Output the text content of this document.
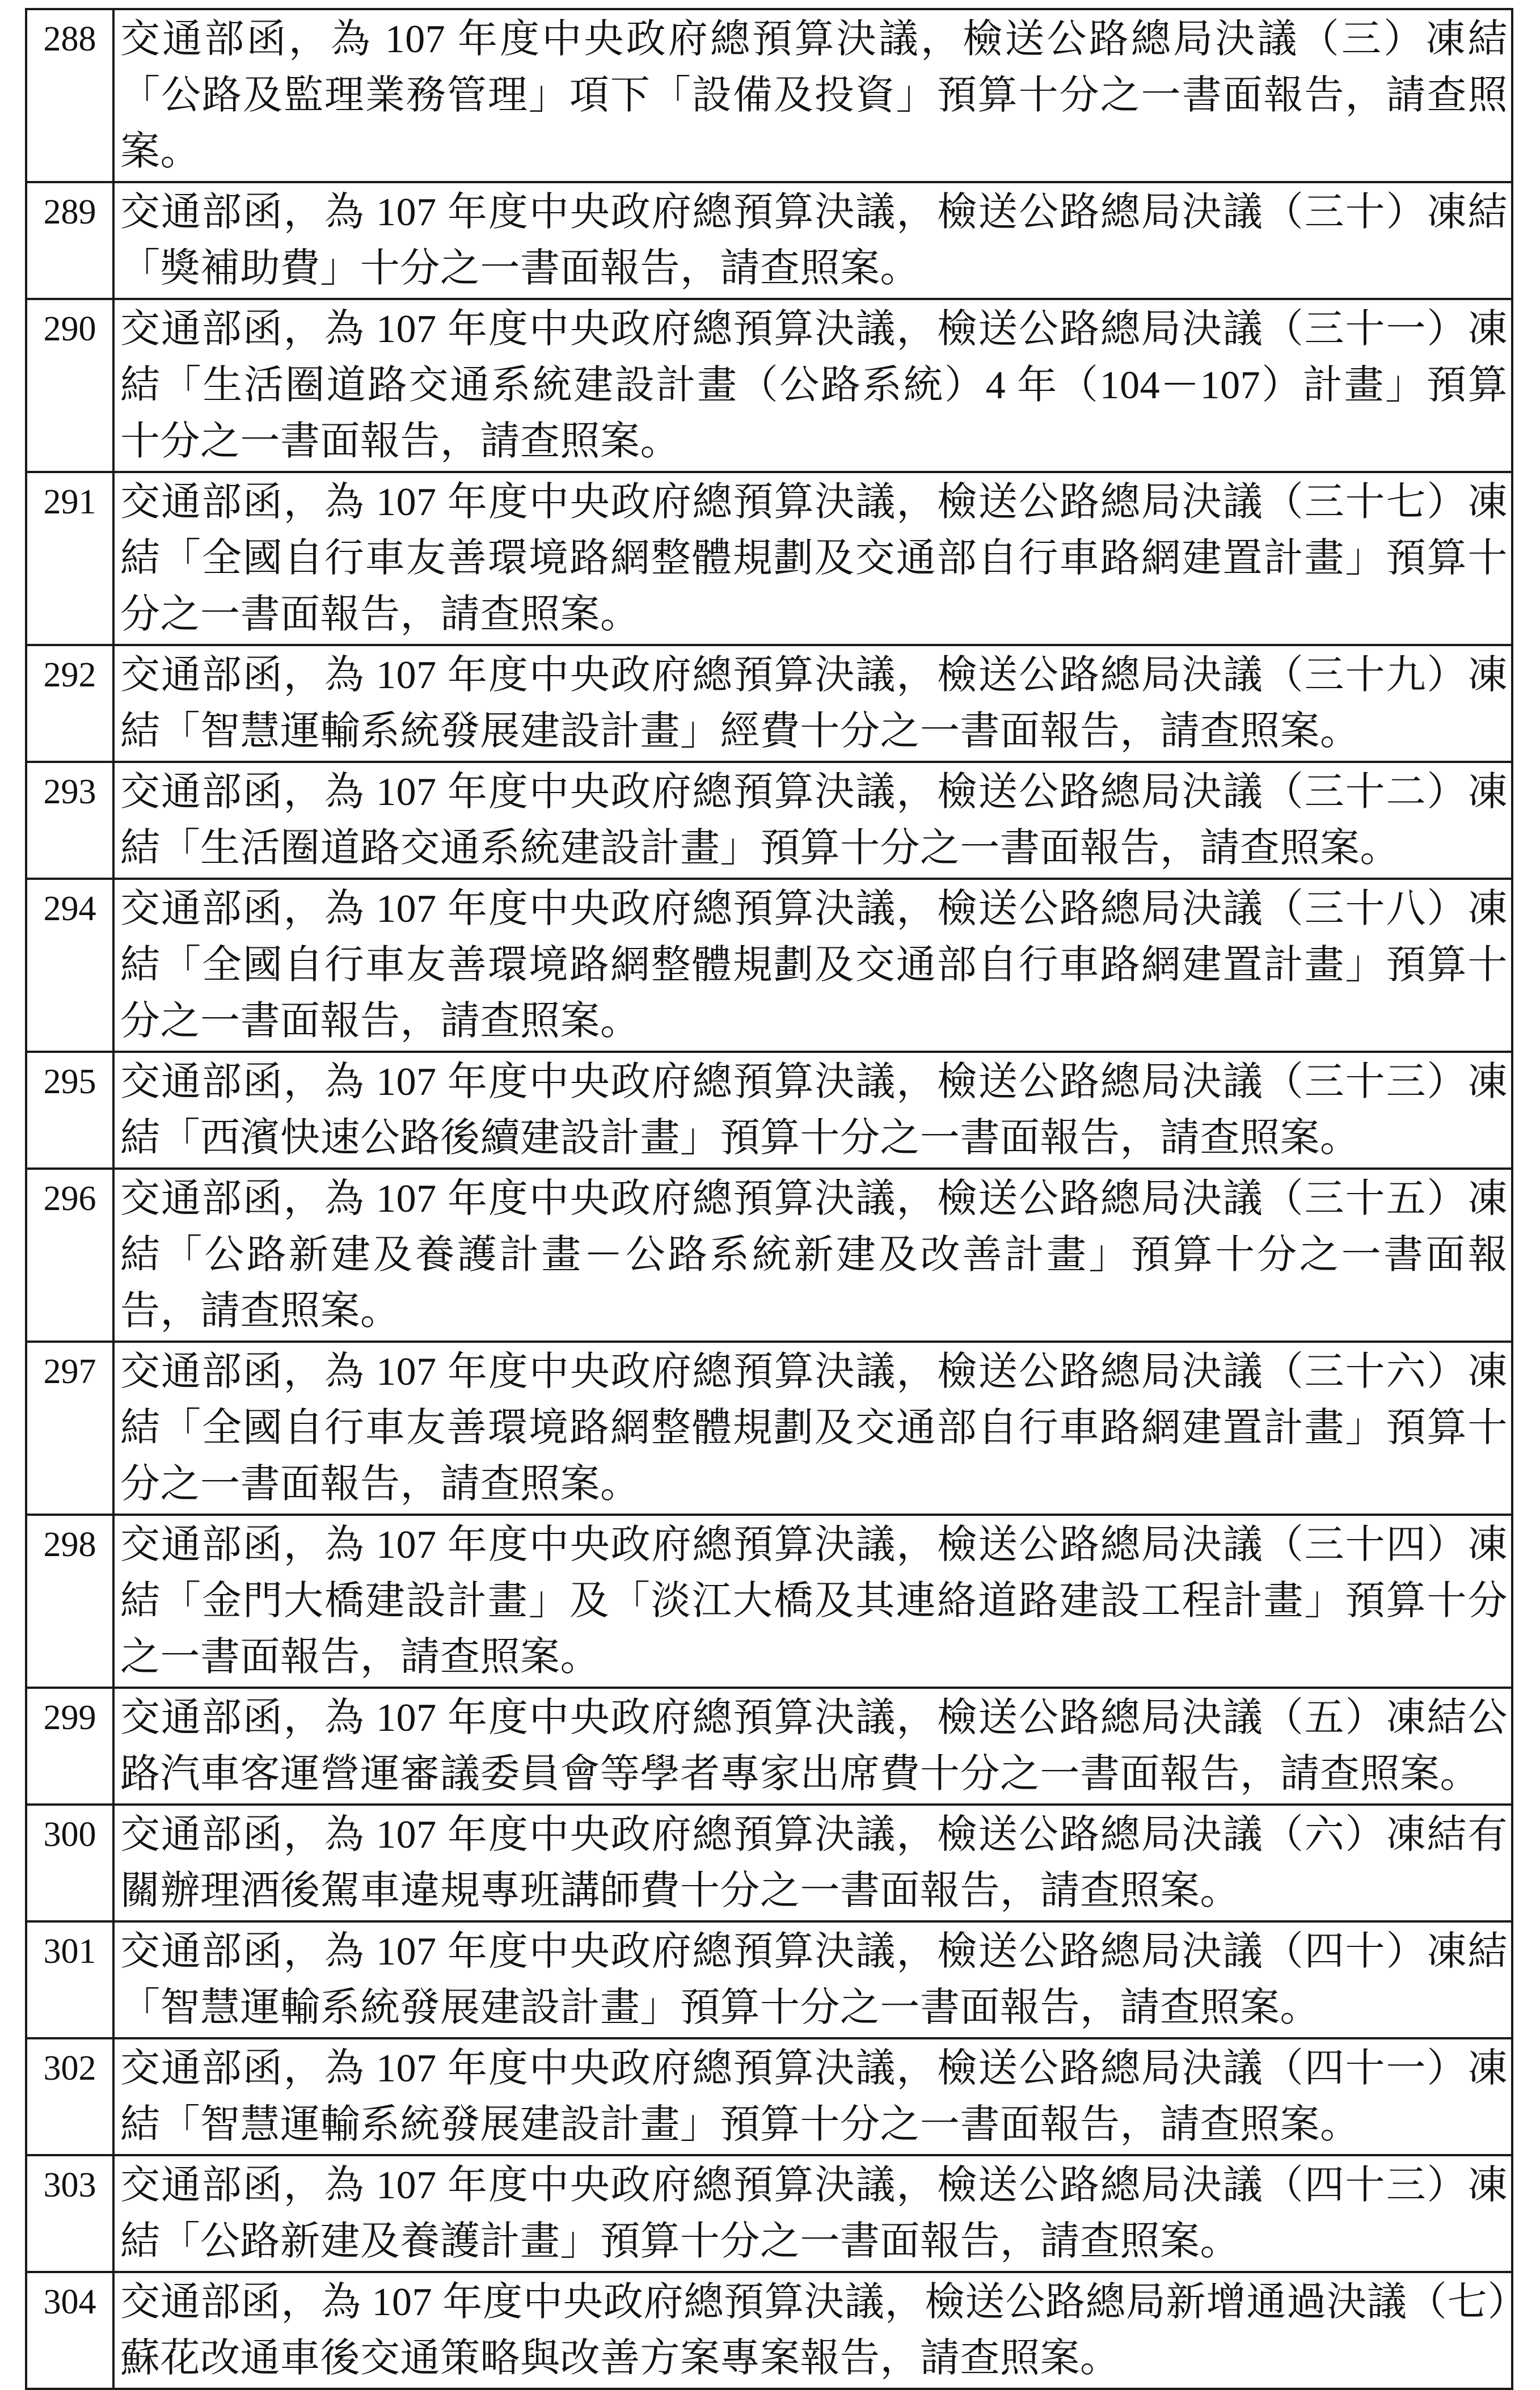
288	交通部函，為 107 年度中央政府總預算決議，檢送公路總局決議（三）凍結「公路及監理業務管理」項下「設備及投資」預算十分之一書面報告，請查照案。
289	交通部函，為 107 年度中央政府總預算決議，檢送公路總局決議（三十）凍結「獎補助費」十分之一書面報告，請查照案。
290	交通部函，為 107 年度中央政府總預算決議，檢送公路總局決議（三十一）凍結「生活圈道路交通系統建設計畫（公路系統）4 年（104－107）計畫」預算十分之一書面報告，請查照案。
291	交通部函，為 107 年度中央政府總預算決議，檢送公路總局決議（三十七）凍結「全國自行車友善環境路網整體規劃及交通部自行車路網建置計畫」預算十分之一書面報告，請查照案。
292	交通部函，為 107 年度中央政府總預算決議，檢送公路總局決議（三十九）凍結「智慧運輸系統發展建設計畫」經費十分之一書面報告，請查照案。
293	交通部函，為 107 年度中央政府總預算決議，檢送公路總局決議（三十二）凍結「生活圈道路交通系統建設計畫」預算十分之一書面報告，請查照案。
294	交通部函，為 107 年度中央政府總預算決議，檢送公路總局決議（三十八）凍結「全國自行車友善環境路網整體規劃及交通部自行車路網建置計畫」預算十分之一書面報告，請查照案。
295	交通部函，為 107 年度中央政府總預算決議，檢送公路總局決議（三十三）凍結「西濱快速公路後續建設計畫」預算十分之一書面報告，請查照案。
296	交通部函，為 107 年度中央政府總預算決議，檢送公路總局決議（三十五）凍結「公路新建及養護計畫－公路系統新建及改善計畫」預算十分之一書面報告，請查照案。
297	交通部函，為 107 年度中央政府總預算決議，檢送公路總局決議（三十六）凍結「全國自行車友善環境路網整體規劃及交通部自行車路網建置計畫」預算十分之一書面報告，請查照案。
298	交通部函，為 107 年度中央政府總預算決議，檢送公路總局決議（三十四）凍結「金門大橋建設計畫」及「淡江大橋及其連絡道路建設工程計畫」預算十分之一書面報告，請查照案。
299	交通部函，為 107 年度中央政府總預算決議，檢送公路總局決議（五）凍結公路汽車客運營運審議委員會等學者專家出席費十分之一書面報告，請查照案。
300	交通部函，為 107 年度中央政府總預算決議，檢送公路總局決議（六）凍結有關辦理酒後駕車違規專班講師費十分之一書面報告，請查照案。
301	交通部函，為 107 年度中央政府總預算決議，檢送公路總局決議（四十）凍結「智慧運輸系統發展建設計畫」預算十分之一書面報告，請查照案。
302	交通部函，為 107 年度中央政府總預算決議，檢送公路總局決議（四十一）凍結「智慧運輸系統發展建設計畫」預算十分之一書面報告，請查照案。
303	交通部函，為 107 年度中央政府總預算決議，檢送公路總局決議（四十三）凍結「公路新建及養護計畫」預算十分之一書面報告，請查照案。
304	交通部函，為 107 年度中央政府總預算決議，檢送公路總局新增通過決議（七）蘇花改通車後交通策略與改善方案專案報告，請查照案。
